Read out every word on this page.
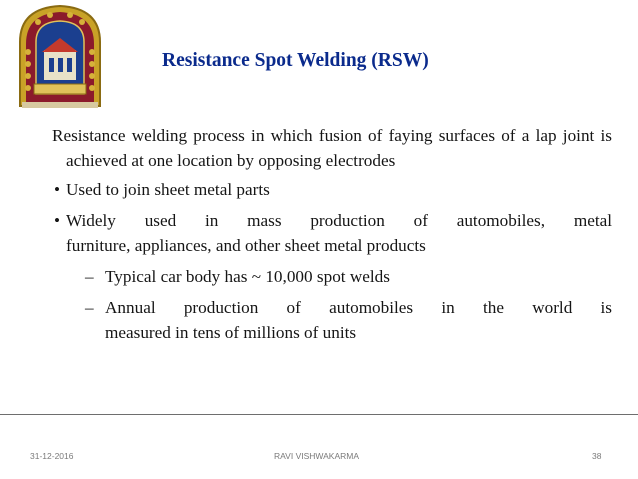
Resistance Spot Welding (RSW)

Resistance welding process in which fusion of faying surfaces of a lap joint is achieved at one location by opposing electrodes

• Used to join sheet metal parts
• Widely used in mass production of automobiles, metal
furniture, appliances, and other sheet metal products
– Typical car body has ~ 10,000 spot welds
– Annual production of automobiles in the world is
measured in tens of millions of units
31-12-2016	RAVI VISHWAKARMA	38
